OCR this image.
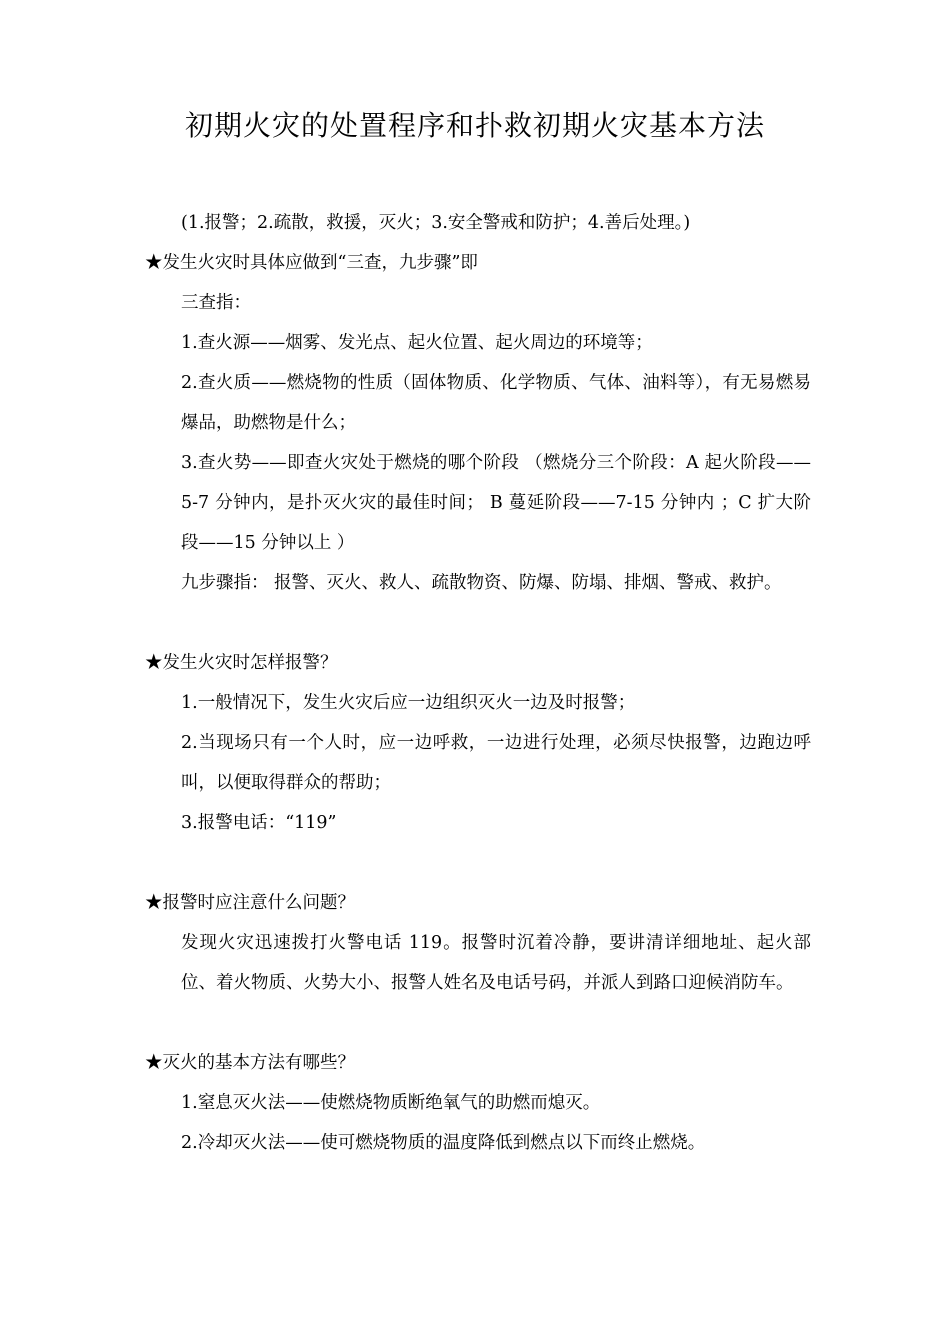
初期火灾的处置程序和扑救初期火灾基本方法

(1.报警；2.疏散，救援，灭火；3.安全警戒和防护；4.善后处理。)

★发生火灾时具体应做到“三查，九步骤”即

三查指：

1.查火源——烟雾、发光点、起火位置、起火周边的环境等；

2.查火质——燃烧物的性质（固体物质、化学物质、气体、油料等），有无易燃易爆品，助燃物是什么；

3.查火势——即查火灾处于燃烧的哪个阶段 （燃烧分三个阶段：A 起火阶段——5-7 分钟内，是扑灭火灾的最佳时间； B 蔓延阶段——7-15 分钟内 ；C 扩大阶段——15 分钟以上 ）

九步骤指： 报警、灭火、救人、疏散物资、防爆、防塌、排烟、警戒、救护。

★发生火灾时怎样报警？

1.一般情况下，发生火灾后应一边组织灭火一边及时报警；

2.当现场只有一个人时，应一边呼救，一边进行处理，必须尽快报警，边跑边呼叫，以便取得群众的帮助；

3.报警电话：“119”

★报警时应注意什么问题？

发现火灾迅速拨打火警电话 119。报警时沉着冷静，要讲清详细地址、起火部位、着火物质、火势大小、报警人姓名及电话号码，并派人到路口迎候消防车。

★灭火的基本方法有哪些？

1.窒息灭火法——使燃烧物质断绝氧气的助燃而熄灭。

2.冷却灭火法——使可燃烧物质的温度降低到燃点以下而终止燃烧。
